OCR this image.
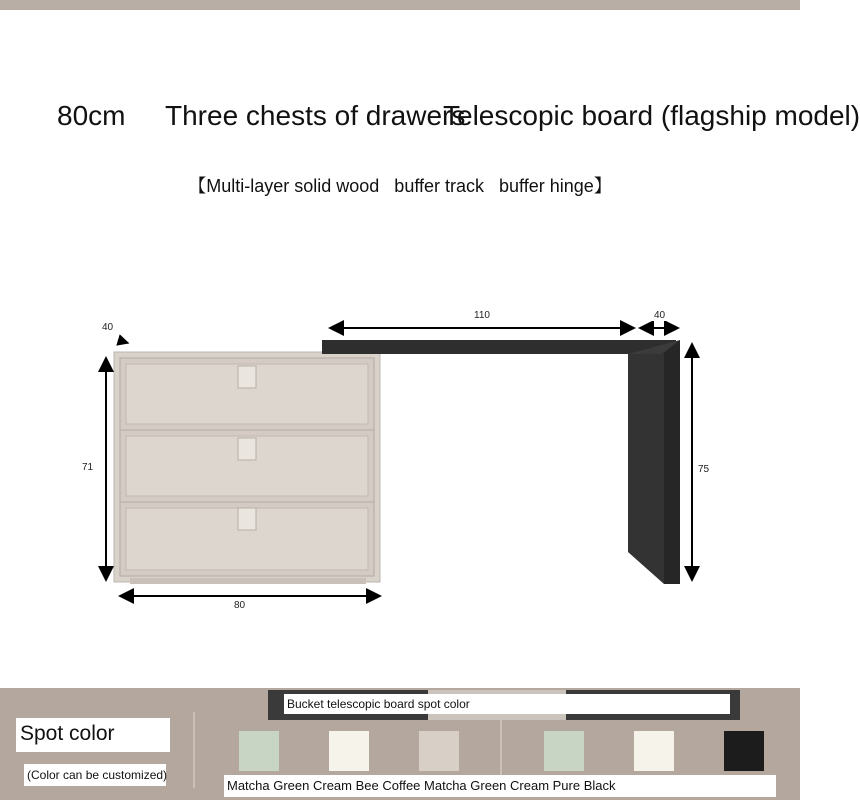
80cm Three chests of drawers
Telescopic board (flagship model)
【Multi-layer solid wood   buffer track   buffer hinge】
40
110	40
71	75
80
Bucket telescopic board spot color
Spot color
(Color can be customized)
Matcha Green Cream Bee Coffee Matcha Green Cream Pure Black
